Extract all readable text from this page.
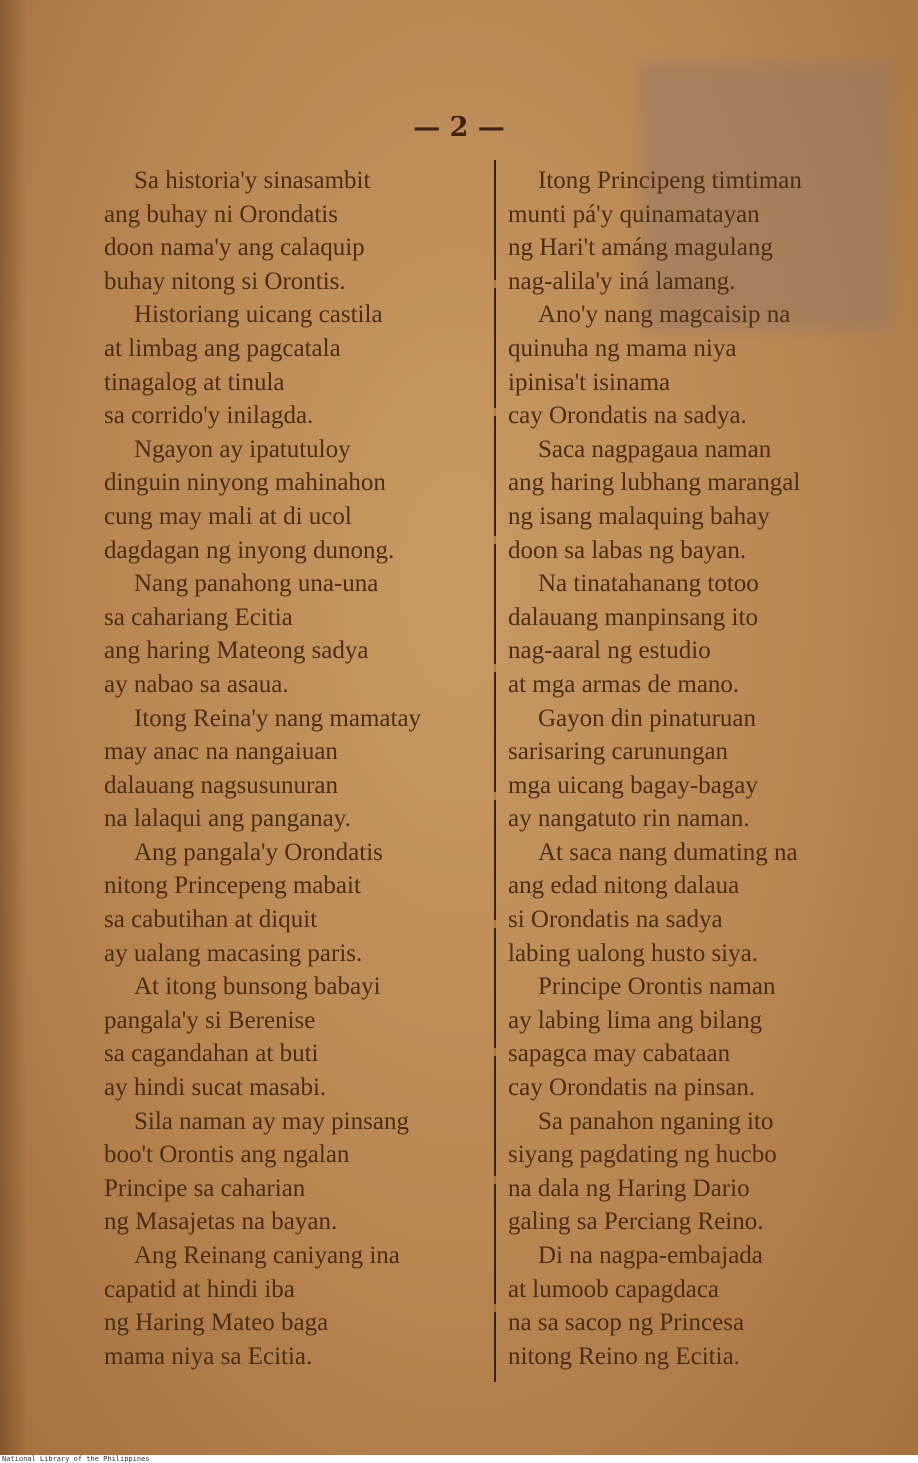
— 2 —
Sa historia'y sinasambit
ang buhay ni Orondatis
doon nama'y ang calaquip
buhay nitong si Orontis.
Historiang uicang castila
at limbag ang pagcatala
tinagalog at tinula
sa corrido'y inilagda.
Ngayon ay ipatutuloy
dinguin ninyong mahinahon
cung may mali at di ucol
dagdagan ng inyong dunong.
Nang panahong una-una
sa cahariang Ecitia
ang haring Mateong sadya
ay nabao sa asaua.
Itong Reina'y nang mamatay
may anac na nangaiuan
dalauang nagsusunuran
na lalaqui ang panganay.
Ang pangala'y Orondatis
nitong Princepeng mabait
sa cabutihan at diquit
ay ualang macasing paris.
At itong bunsong babayi
pangala'y si Berenise
sa cagandahan at buti
ay hindi sucat masabi.
Sila naman ay may pinsang
boo't Orontis ang ngalan
Principe sa caharian
ng Masajetas na bayan.
Ang Reinang caniyang ina
capatid at hindi iba
ng Haring Mateo baga
mama niya sa Ecitia.
Itong Principeng timtiman
munti pá'y quinamatayan
ng Hari't amáng magulang
nag-alila'y iná lamang.
Ano'y nang magcaisip na
quinuha ng mama niya
ipinisa't isinama
cay Orondatis na sadya.
Saca nagpagaua naman
ang haring lubhang marangal
ng isang malaquing bahay
doon sa labas ng bayan.
Na tinatahanang totoo
dalauang manpinsang ito
nag-aaral ng estudio
at mga armas de mano.
Gayon din pinaturuan
sarisaring carunungan
mga uicang bagay-bagay
ay nangatuto rin naman.
At saca nang dumating na
ang edad nitong dalaua
si Orondatis na sadya
labing ualong husto siya.
Principe Orontis naman
ay labing lima ang bilang
sapagca may cabataan
cay Orondatis na pinsan.
Sa panahon nganing ito
siyang pagdating ng hucbo
na dala ng Haring Dario
galing sa Perciang Reino.
Di na nagpa-embajada
at lumoob capagdaca
na sa sacop ng Princesa
nitong Reino ng Ecitia.
National Library of the Philippines
